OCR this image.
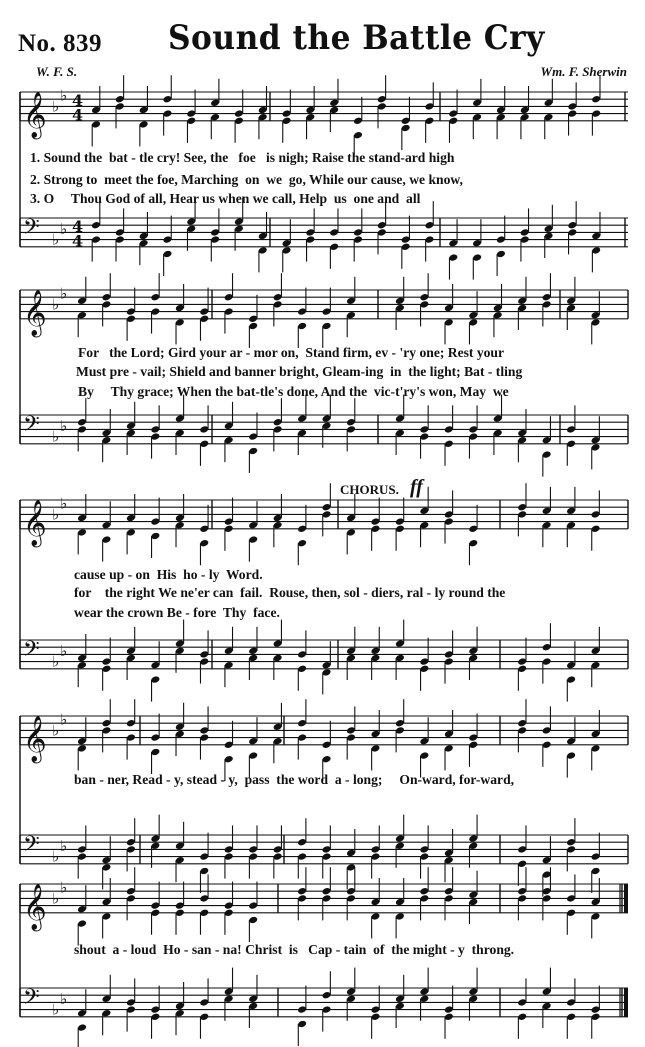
No. 839 Sound the Battle Cry
W. F. S.	Wm. F. Sherwin
CHORUS. ff
1. Sound the  bat - tle cry! See, the   foe   is nigh; Raise the stand-ard high
2. Strong to  meet the foe, Marching  on  we  go, While our cause, we know,
3. O     Thou God of all, Hear us when we call, Help  us  one and  all
For   the Lord; Gird your ar - mor on,  Stand firm, ev - 'ry one; Rest your
Must pre - vail; Shield and banner bright, Gleam-ing  in  the light; Bat - tling
By     Thy grace; When the bat-tle's done, And the  vic-t'ry's won, May  we
cause up - on  His  ho - ly  Word.
for    the right We ne'er can  fail.  Rouse, then, sol - diers, ral - ly round the
wear the crown Be - fore  Thy  face.
ban - ner, Read - y, stead - y,  pass  the word  a - long;     On-ward, for-ward,
shout  a - loud  Ho - san - na! Christ  is   Cap - tain  of  the might - y  throng.
𝄞 ♭
♭ 4
4
𝄢 ♭
♭ 4
4
𝄞 ♭
♭
𝄢 ♭
♭
𝄞 ♭
♭
𝄢 ♭
♭
𝄞 ♭
♭
𝄢 ♭
♭
𝄞 ♭
♭
𝄢 ♭
♭
